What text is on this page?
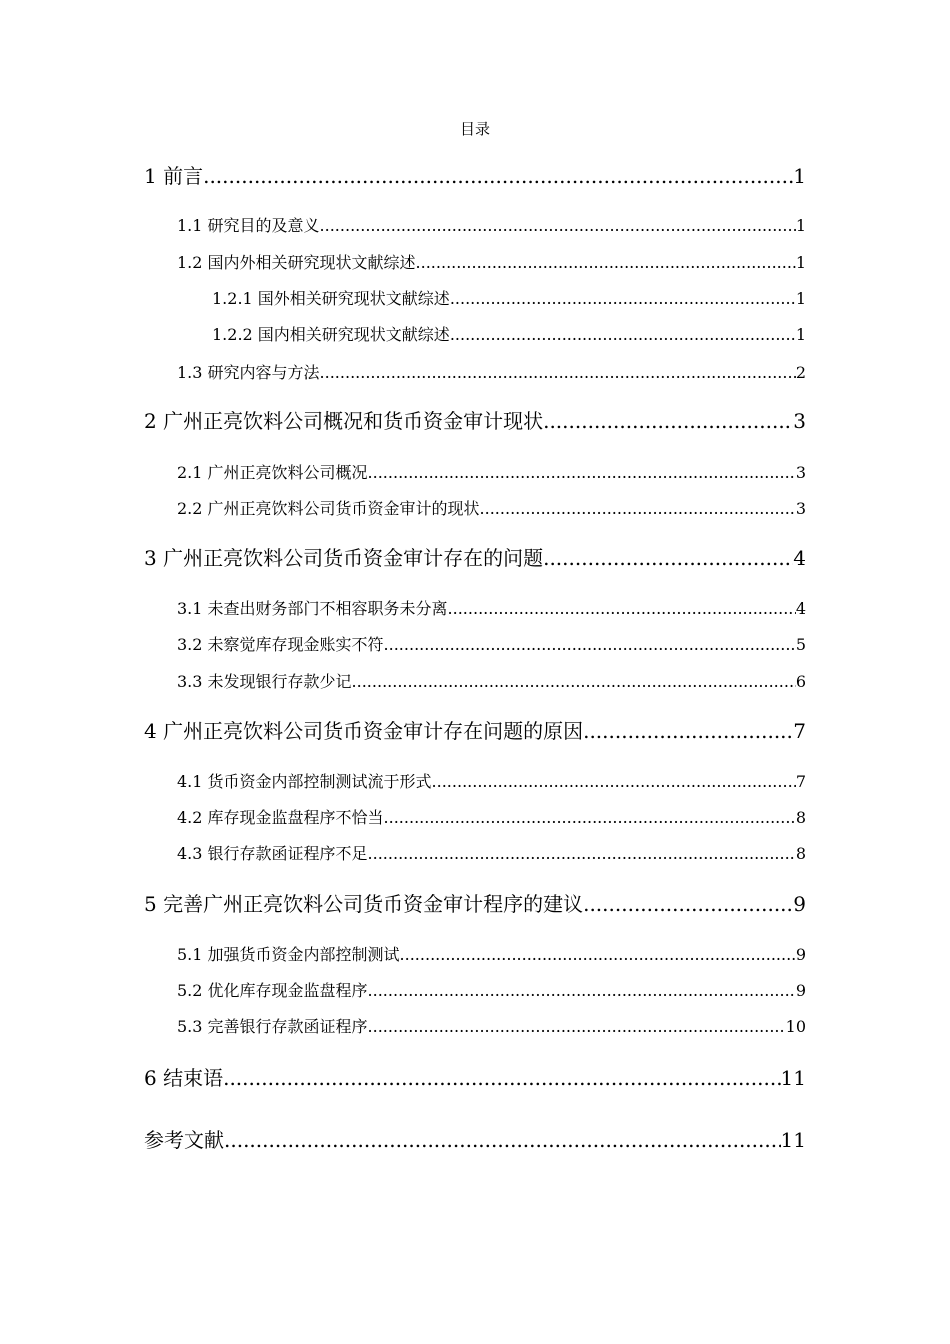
目录
1 前言 .....	1
1.1 研究目的及意义 .....	1
1.2 国内外相关研究现状文献综述 .....	1
1.2.1 国外相关研究现状文献综述 .....	1
1.2.2 国内相关研究现状文献综述 .....	1
1.3 研究内容与方法 .....	2
2 广州正亮饮料公司概况和货币资金审计现状 .....	3
2.1 广州正亮饮料公司概况 .....	3
2.2 广州正亮饮料公司货币资金审计的现状 .....	3
3 广州正亮饮料公司货币资金审计存在的问题 .....	4
3.1 未查出财务部门不相容职务未分离 .....	4
3.2 未察觉库存现金账实不符 .....	5
3.3 未发现银行存款少记 .....	6
4 广州正亮饮料公司货币资金审计存在问题的原因 .....	7
4.1 货币资金内部控制测试流于形式 .....	7
4.2 库存现金监盘程序不恰当 .....	8
4.3 银行存款函证程序不足 .....	8
5 完善广州正亮饮料公司货币资金审计程序的建议 .....	9
5.1 加强货币资金内部控制测试 .....	9
5.2 优化库存现金监盘程序 .....	9
5.3 完善银行存款函证程序 .....	10
6 结束语 .....	11
参考文献 .....	11
